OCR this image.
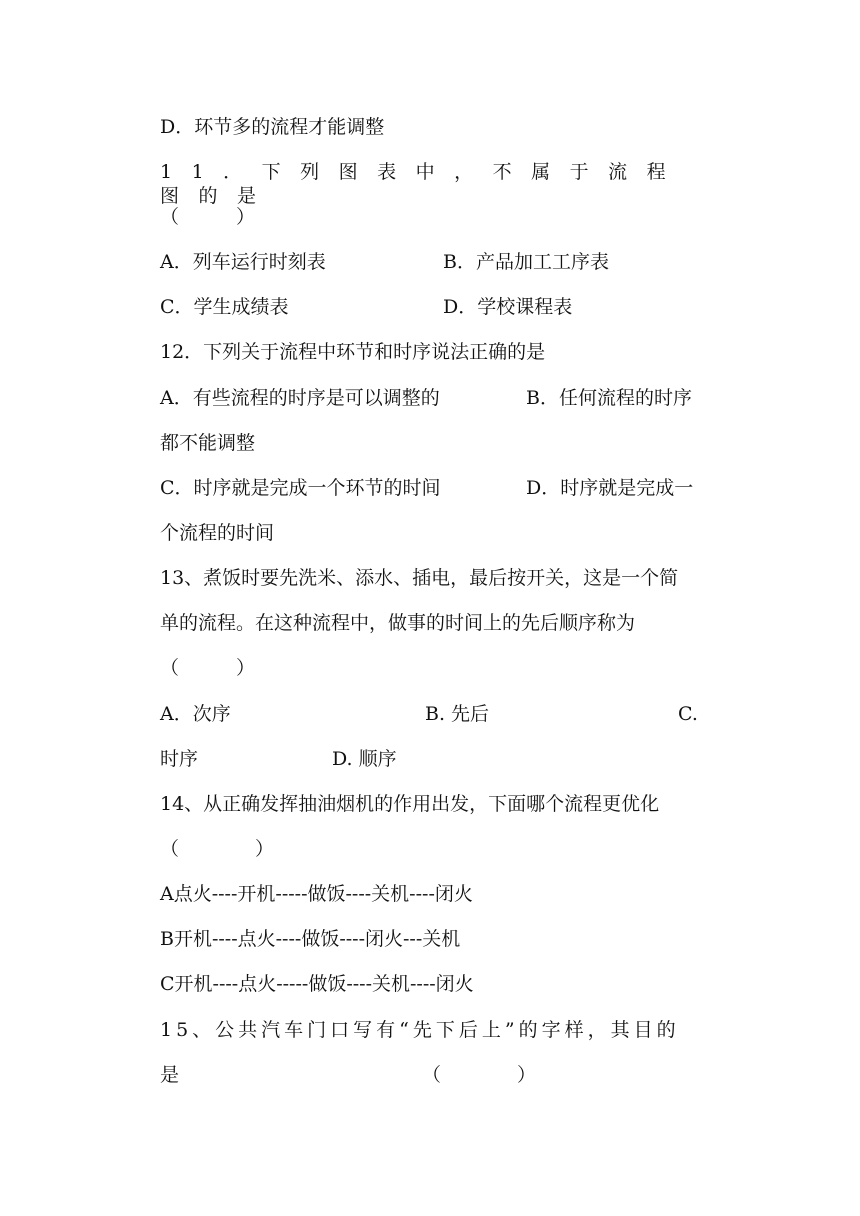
D．环节多的流程才能调整
11．下列图表中，不属于流程图的是
（　　　）
A．列车运行时刻表	B．产品加工工序表
C．学生成绩表	D．学校课程表
12．下列关于流程中环节和时序说法正确的是
A．有些流程的时序是可以调整的	B．任何流程的时序
都不能调整
C．时序就是完成一个环节的时间	D．时序就是完成一
个流程的时间
13、煮饭时要先洗米、添水、插电，最后按开关，这是一个简
单的流程。在这种流程中，做事的时间上的先后顺序称为
（　　　）
A．次序	B. 先后	C.
时序	D. 顺序
14、从正确发挥抽油烟机的作用出发，下面哪个流程更优化
（　　　　）
A点火----开机-----做饭----关机----闭火
B开机----点火----做饭----闭火---关机
C开机----点火-----做饭----关机----闭火
15、公共汽车门口写有“先下后上”的字样，其目的
是	（　　　　）
